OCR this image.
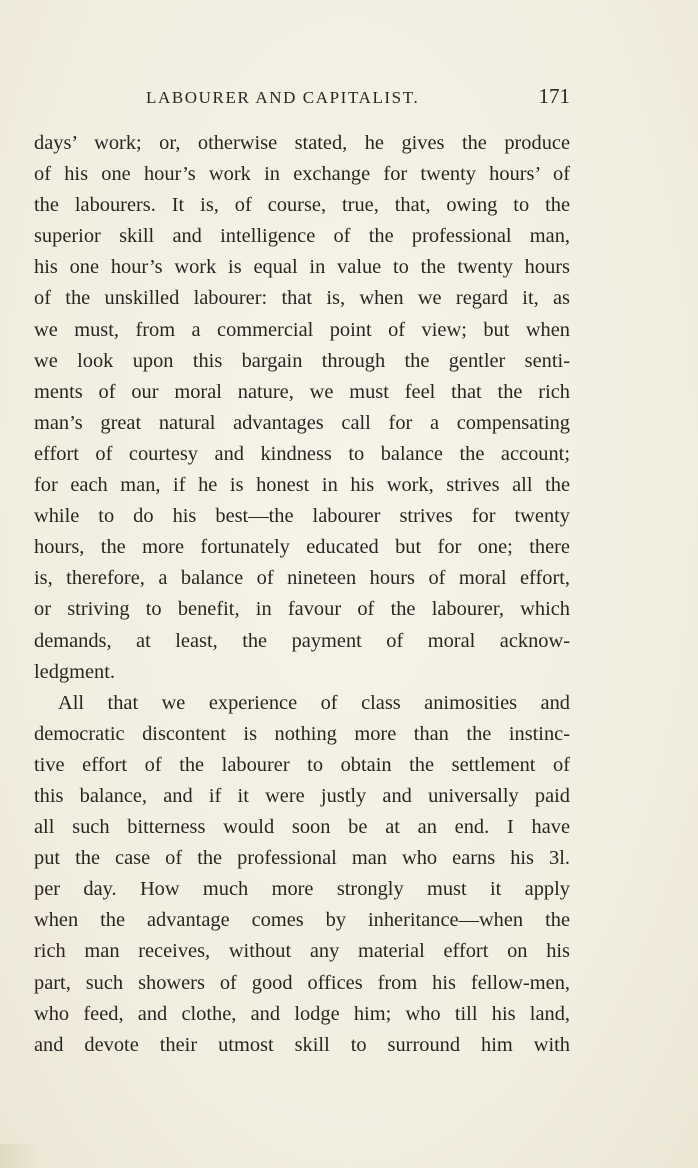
LABOURER AND CAPITALIST.	171
days’ work; or, otherwise stated, he gives the produce
of his one hour’s work in exchange for twenty hours’ of
the labourers. It is, of course, true, that, owing to the
superior skill and intelligence of the professional man,
his one hour’s work is equal in value to the twenty hours
of the unskilled labourer: that is, when we regard it, as
we must, from a commercial point of view; but when
we look upon this bargain through the gentler senti-
ments of our moral nature, we must feel that the rich
man’s great natural advantages call for a compensating
effort of courtesy and kindness to balance the account;
for each man, if he is honest in his work, strives all the
while to do his best—the labourer strives for twenty
hours, the more fortunately educated but for one; there
is, therefore, a balance of nineteen hours of moral effort,
or striving to benefit, in favour of the labourer, which
demands, at least, the payment of moral acknow-
ledgment.
All that we experience of class animosities and
democratic discontent is nothing more than the instinc-
tive effort of the labourer to obtain the settlement of
this balance, and if it were justly and universally paid
all such bitterness would soon be at an end. I have
put the case of the professional man who earns his 3l.
per day. How much more strongly must it apply
when the advantage comes by inheritance—when the
rich man receives, without any material effort on his
part, such showers of good offices from his fellow-men,
who feed, and clothe, and lodge him; who till his land,
and devote their utmost skill to surround him with
